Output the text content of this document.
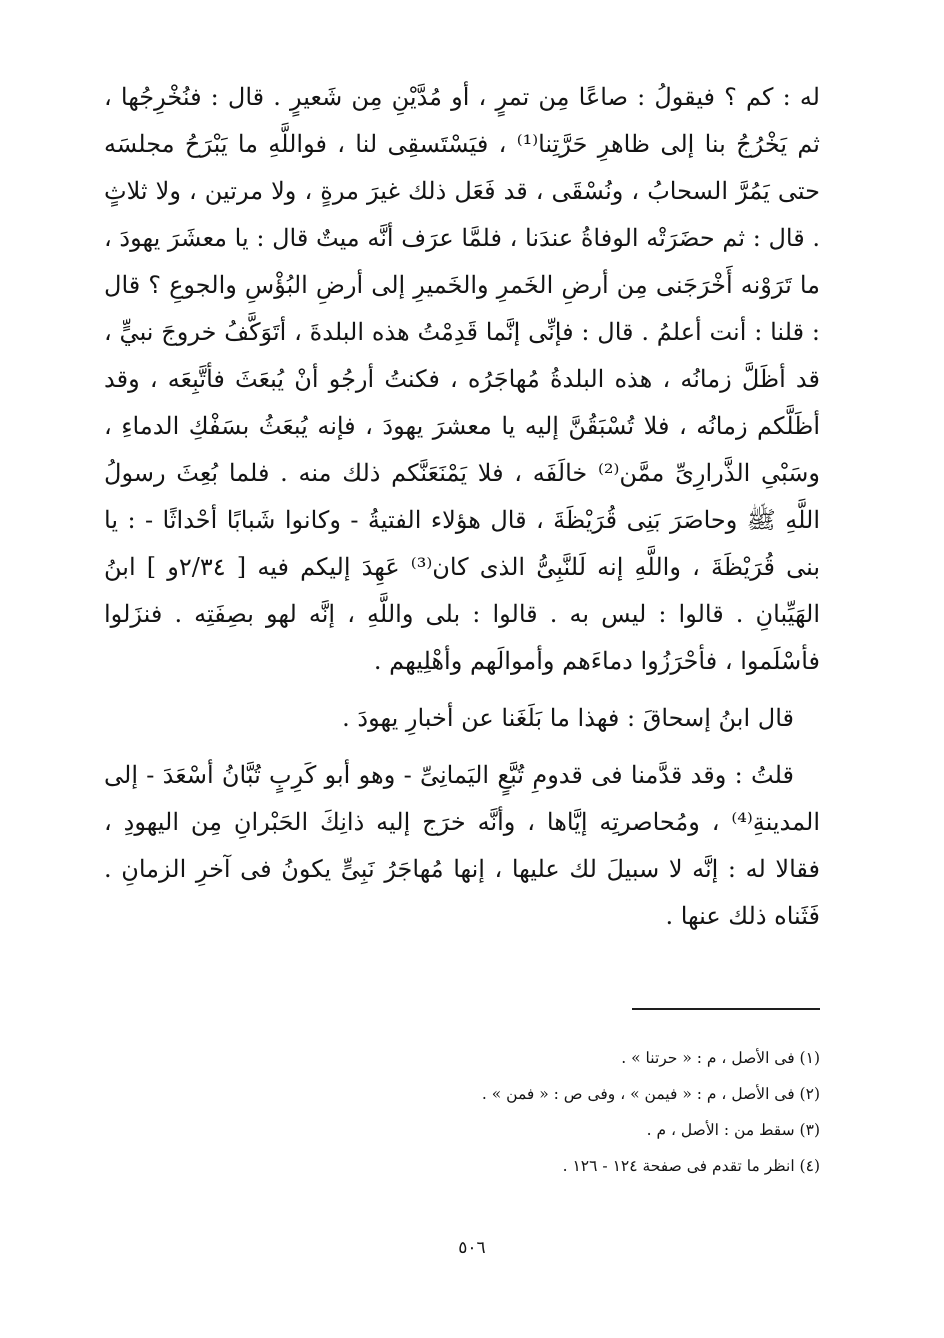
له : كم ؟ فيقولُ : صاعًا مِن تمرٍ ، أو مُدَّيْنِ مِن شَعيرٍ . قال : فنُخْرِجُها ، ثم يَخْرُجُ بنا إلى ظاهرِ حَرَّتِنا⁽¹⁾ ، فيَسْتَسقِى لنا ، فواللَّهِ ما يَبْرَحُ مجلسَه حتى يَمُرَّ السحابُ ، ونُسْقَى ، قد فَعَل ذلك غيرَ مرةٍ ، ولا مرتين ، ولا ثلاثٍ . قال : ثم حضَرَتْه الوفاةُ عندَنا ، فلمَّا عرَف أنَّه ميتٌ قال : يا معشَرَ يهودَ ، ما تَرَوْنه أَخْرَجَنى مِن أرضِ الخَمرِ والخَميرِ إلى أرضِ البُؤْسِ والجوعِ ؟ قال : قلنا : أنت أعلمُ . قال : فإنِّى إنَّما قَدِمْتُ هذه البلدةَ ، أتَوَكَّفُ خروجَ نبيٍّ ، قد أظَلَّ زمانُه ، هذه البلدةُ مُهاجَرُه ، فكنتُ أرجُو أنْ يُبعَثَ فأتَّبِعَه ، وقد أظَلَّكم زمانُه ، فلا تُسْبَقُنَّ إليه يا معشرَ يهودَ ، فإنه يُبعَثُ بسَفْكِ الدماءِ ، وسَبْىِ الذَّرارِىِّ ممَّن⁽²⁾ خالَفَه ، فلا يَمْنَعَنَّكم ذلك منه . فلما بُعِثَ رسولُ اللَّهِ ﷺ وحاصَرَ بَنِى قُرَيْظَةَ ، قال هؤلاء الفتيةُ - وكانوا شَبابًا أحْداثًا - : يا بنى قُرَيْظَةَ ، واللَّهِ إنه لَلنَّبِىُّ الذى كان⁽³⁾ عَهِدَ إليكم فيه [ ٢/٣٤و ] ابنُ الهَيِّبانِ . قالوا : ليس به . قالوا : بلى واللَّهِ ، إنَّه لهو بصِفَتِه . فنزَلوا فأسْلَموا ، فأحْرَزُوا دماءَهم وأموالَهم وأهْلِيهم .

قال ابنُ إسحاقَ : فهذا ما بَلَغَنا عن أخبارِ يهودَ .

قلتُ : وقد قدَّمنا فى قدومِ تُبَّعٍ اليَمانِىِّ - وهو أبو كَرِبٍ تُبَّانُ أسْعَدَ - إلى المدينةِ⁽⁴⁾ ، ومُحاصرتِه إيَّاها ، وأنَّه خرَج إليه ذانِكَ الحَبْرانِ مِن اليهودِ ، فقالا له : إنَّه لا سبيلَ لك عليها ، إنها مُهاجَرُ نَبِىٍّ يكونُ فى آخرِ الزمانِ . فَثَناه ذلك عنها .

(١) فى الأصل ، م : « حرتنا » .
(٢) فى الأصل ، م : « فيمن » ، وفى ص : « فمن » .
(٣) سقط من : الأصل ، م .
(٤) انظر ما تقدم فى صفحة ١٢٤ - ١٢٦ .
٥٠٦
